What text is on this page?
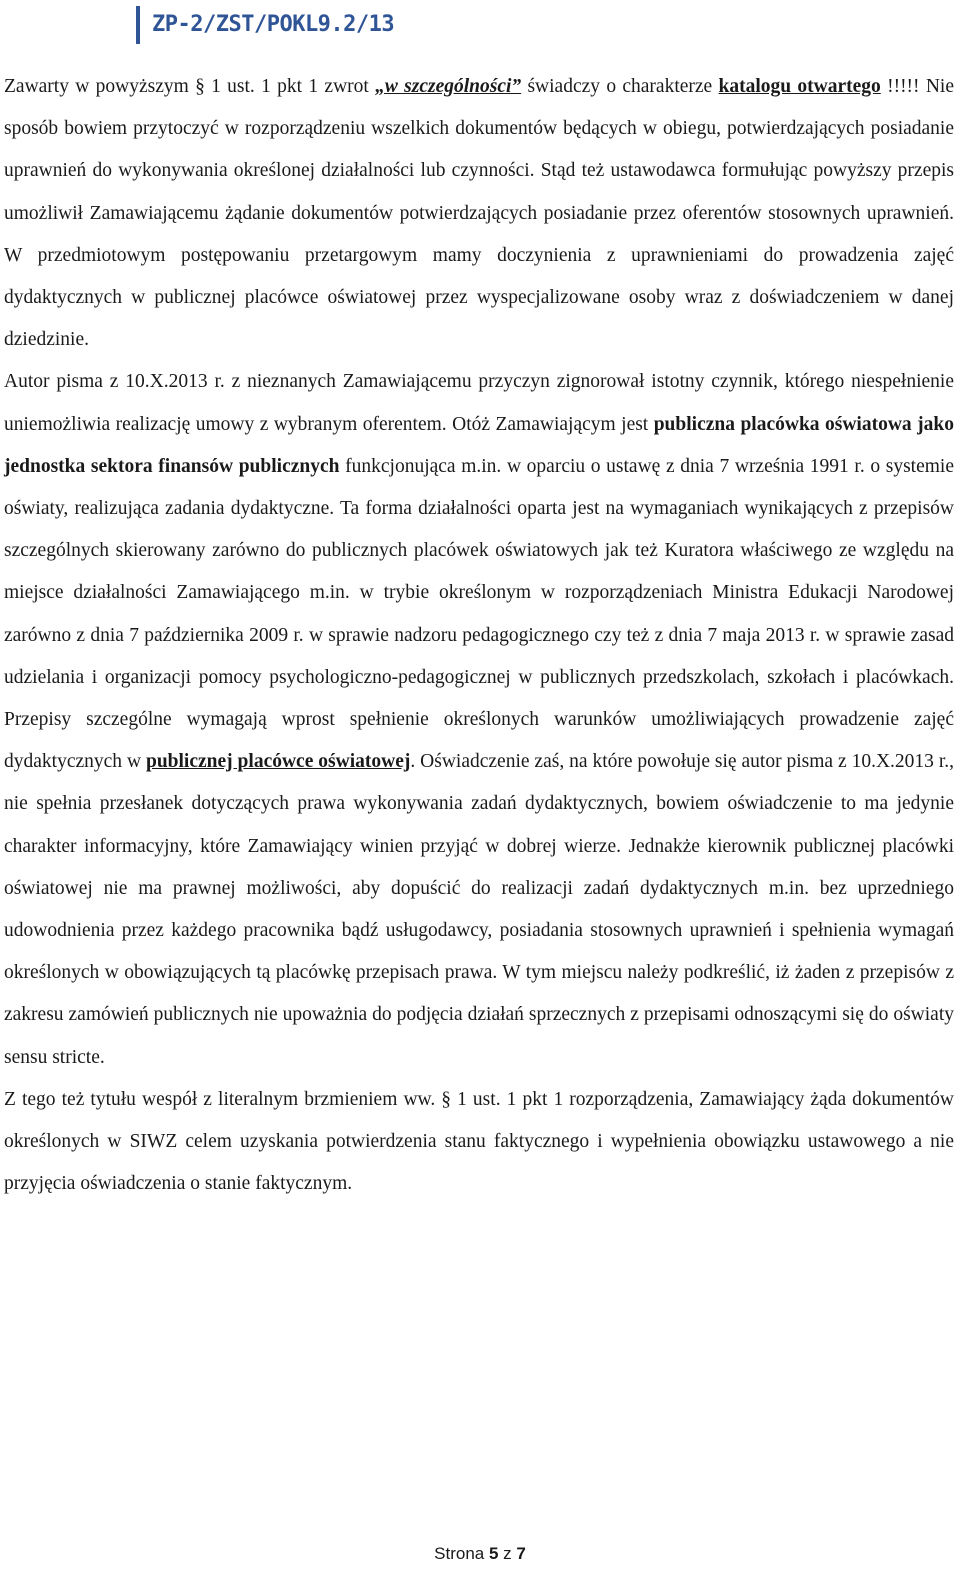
ZP-2/ZST/POKL9.2/13

Zawarty w powyższym § 1 ust. 1 pkt 1 zwrot „w szczególności” świadczy o charakterze katalogu otwartego !!!!! Nie sposób bowiem przytoczyć w rozporządzeniu wszelkich dokumentów będących w obiegu, potwierdzających posiadanie uprawnień do wykonywania określonej działalności lub czynności. Stąd też ustawodawca formułując powyższy przepis umożliwił Zamawiającemu żądanie dokumentów potwierdzających posiadanie przez oferentów stosownych uprawnień. W przedmiotowym postępowaniu przetargowym mamy doczynienia z uprawnieniami do prowadzenia zajęć dydaktycznych w publicznej placówce oświatowej przez wyspecjalizowane osoby wraz z doświadczeniem w danej dziedzinie.

Autor pisma z 10.X.2013 r. z nieznanych Zamawiającemu przyczyn zignorował istotny czynnik, którego niespełnienie uniemożliwia realizację umowy z wybranym oferentem. Otóż Zamawiającym jest publiczna placówka oświatowa jako jednostka sektora finansów publicznych funkcjonująca m.in. w oparciu o ustawę z dnia 7 września 1991 r. o systemie oświaty, realizująca zadania dydaktyczne. Ta forma działalności oparta jest na wymaganiach wynikających z przepisów szczególnych skierowany zarówno do publicznych placówek oświatowych jak też Kuratora właściwego ze względu na miejsce działalności Zamawiającego m.in. w trybie określonym w rozporządzeniach Ministra Edukacji Narodowej zarówno z dnia 7 października 2009 r. w sprawie nadzoru pedagogicznego czy też z dnia 7 maja 2013 r. w sprawie zasad udzielania i organizacji pomocy psychologiczno-pedagogicznej w publicznych przedszkolach, szkołach i placówkach. Przepisy szczególne wymagają wprost spełnienie określonych warunków umożliwiających prowadzenie zajęć dydaktycznych w publicznej placówce oświatowej. Oświadczenie zaś, na które powołuje się autor pisma z 10.X.2013 r., nie spełnia przesłanek dotyczących prawa wykonywania zadań dydaktycznych, bowiem oświadczenie to ma jedynie charakter informacyjny, które Zamawiający winien przyjąć w dobrej wierze. Jednakże kierownik publicznej placówki oświatowej nie ma prawnej możliwości, aby dopuścić do realizacji zadań dydaktycznych m.in. bez uprzedniego udowodnienia przez każdego pracownika bądź usługodawcy, posiadania stosownych uprawnień i spełnienia wymagań określonych w obowiązujących tą placówkę przepisach prawa. W tym miejscu należy podkreślić, iż żaden z przepisów z zakresu zamówień publicznych nie upoważnia do podjęcia działań sprzecznych z przepisami odnoszącymi się do oświaty sensu stricte.

Z tego też tytułu wespół z literalnym brzmieniem ww. § 1 ust. 1 pkt 1 rozporządzenia, Zamawiający żąda dokumentów określonych w SIWZ celem uzyskania potwierdzenia stanu faktycznego i wypełnienia obowiązku ustawowego a nie przyjęcia oświadczenia o stanie faktycznym.

Strona 5 z 7
